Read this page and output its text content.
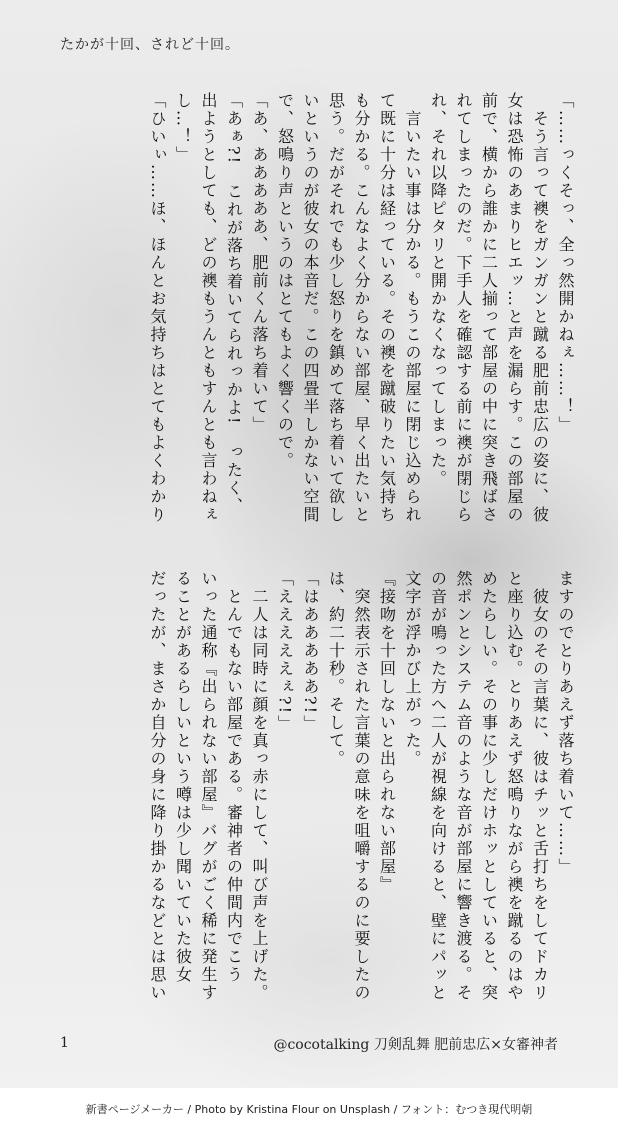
たかが十回、されど十回。
「……っくそっ、全っ然開かねぇ……！」
　そう言って襖をガンガンと蹴る肥前忠広の姿に、彼
女は恐怖のあまりヒエッ…と声を漏らす。この部屋の
前で、横から誰かに二人揃って部屋の中に突き飛ばさ
れてしまったのだ。下手人を確認する前に襖が閉じら
れ、それ以降ピタリと開かなくなってしまった。
　言いたい事は分かる。もうこの部屋に閉じ込められ
て既に十分は経っている。その襖を蹴破りたい気持ち
も分かる。こんなよく分からない部屋、早く出たいと
思う。だがそれでも少し怒りを鎮めて落ち着いて欲し
いというのが彼女の本音だ。この四畳半しかない空間
で、怒鳴り声というのはとてもよく響くので。
「あ、あああああ、肥前くん落ち着いて」
「あぁ?!　これが落ち着いてられっかよ!　ったく、
出ようとしても、どの襖もうんともすんとも言わねぇ
し…！」
「ひいぃ……ほ、ほんとお気持ちはとてもよくわかり
ますのでとりあえず落ち着いて……」
　彼女のその言葉に、彼はチッと舌打ちをしてドカリ
と座り込む。とりあえず怒鳴りながら襖を蹴るのはや
めたらしい。その事に少しだけホッとしていると、突
然ポンとシステム音のような音が部屋に響き渡る。そ
の音が鳴った方へ二人が視線を向けると、壁にパッと
文字が浮かび上がった。
『接吻を十回しないと出られない部屋』
　突然表示された言葉の意味を咀嚼するのに要したの
は、約二十秒。そして。
「はあああああ?!」
「えええええぇ?!」
　二人は同時に顔を真っ赤にして、叫び声を上げた。
　とんでもない部屋である。審神者の仲間内でこう
いった通称『出られない部屋』バグがごく稀に発生す
ることがあるらしいという噂は少し聞いていた彼女
だったが、まさか自分の身に降り掛かるなどとは思い
1	@cocotalking 刀剣乱舞 肥前忠広×女審神者
新書ページメーカー / Photo by Kristina Flour on Unsplash / フォント：むつき現代明朝
